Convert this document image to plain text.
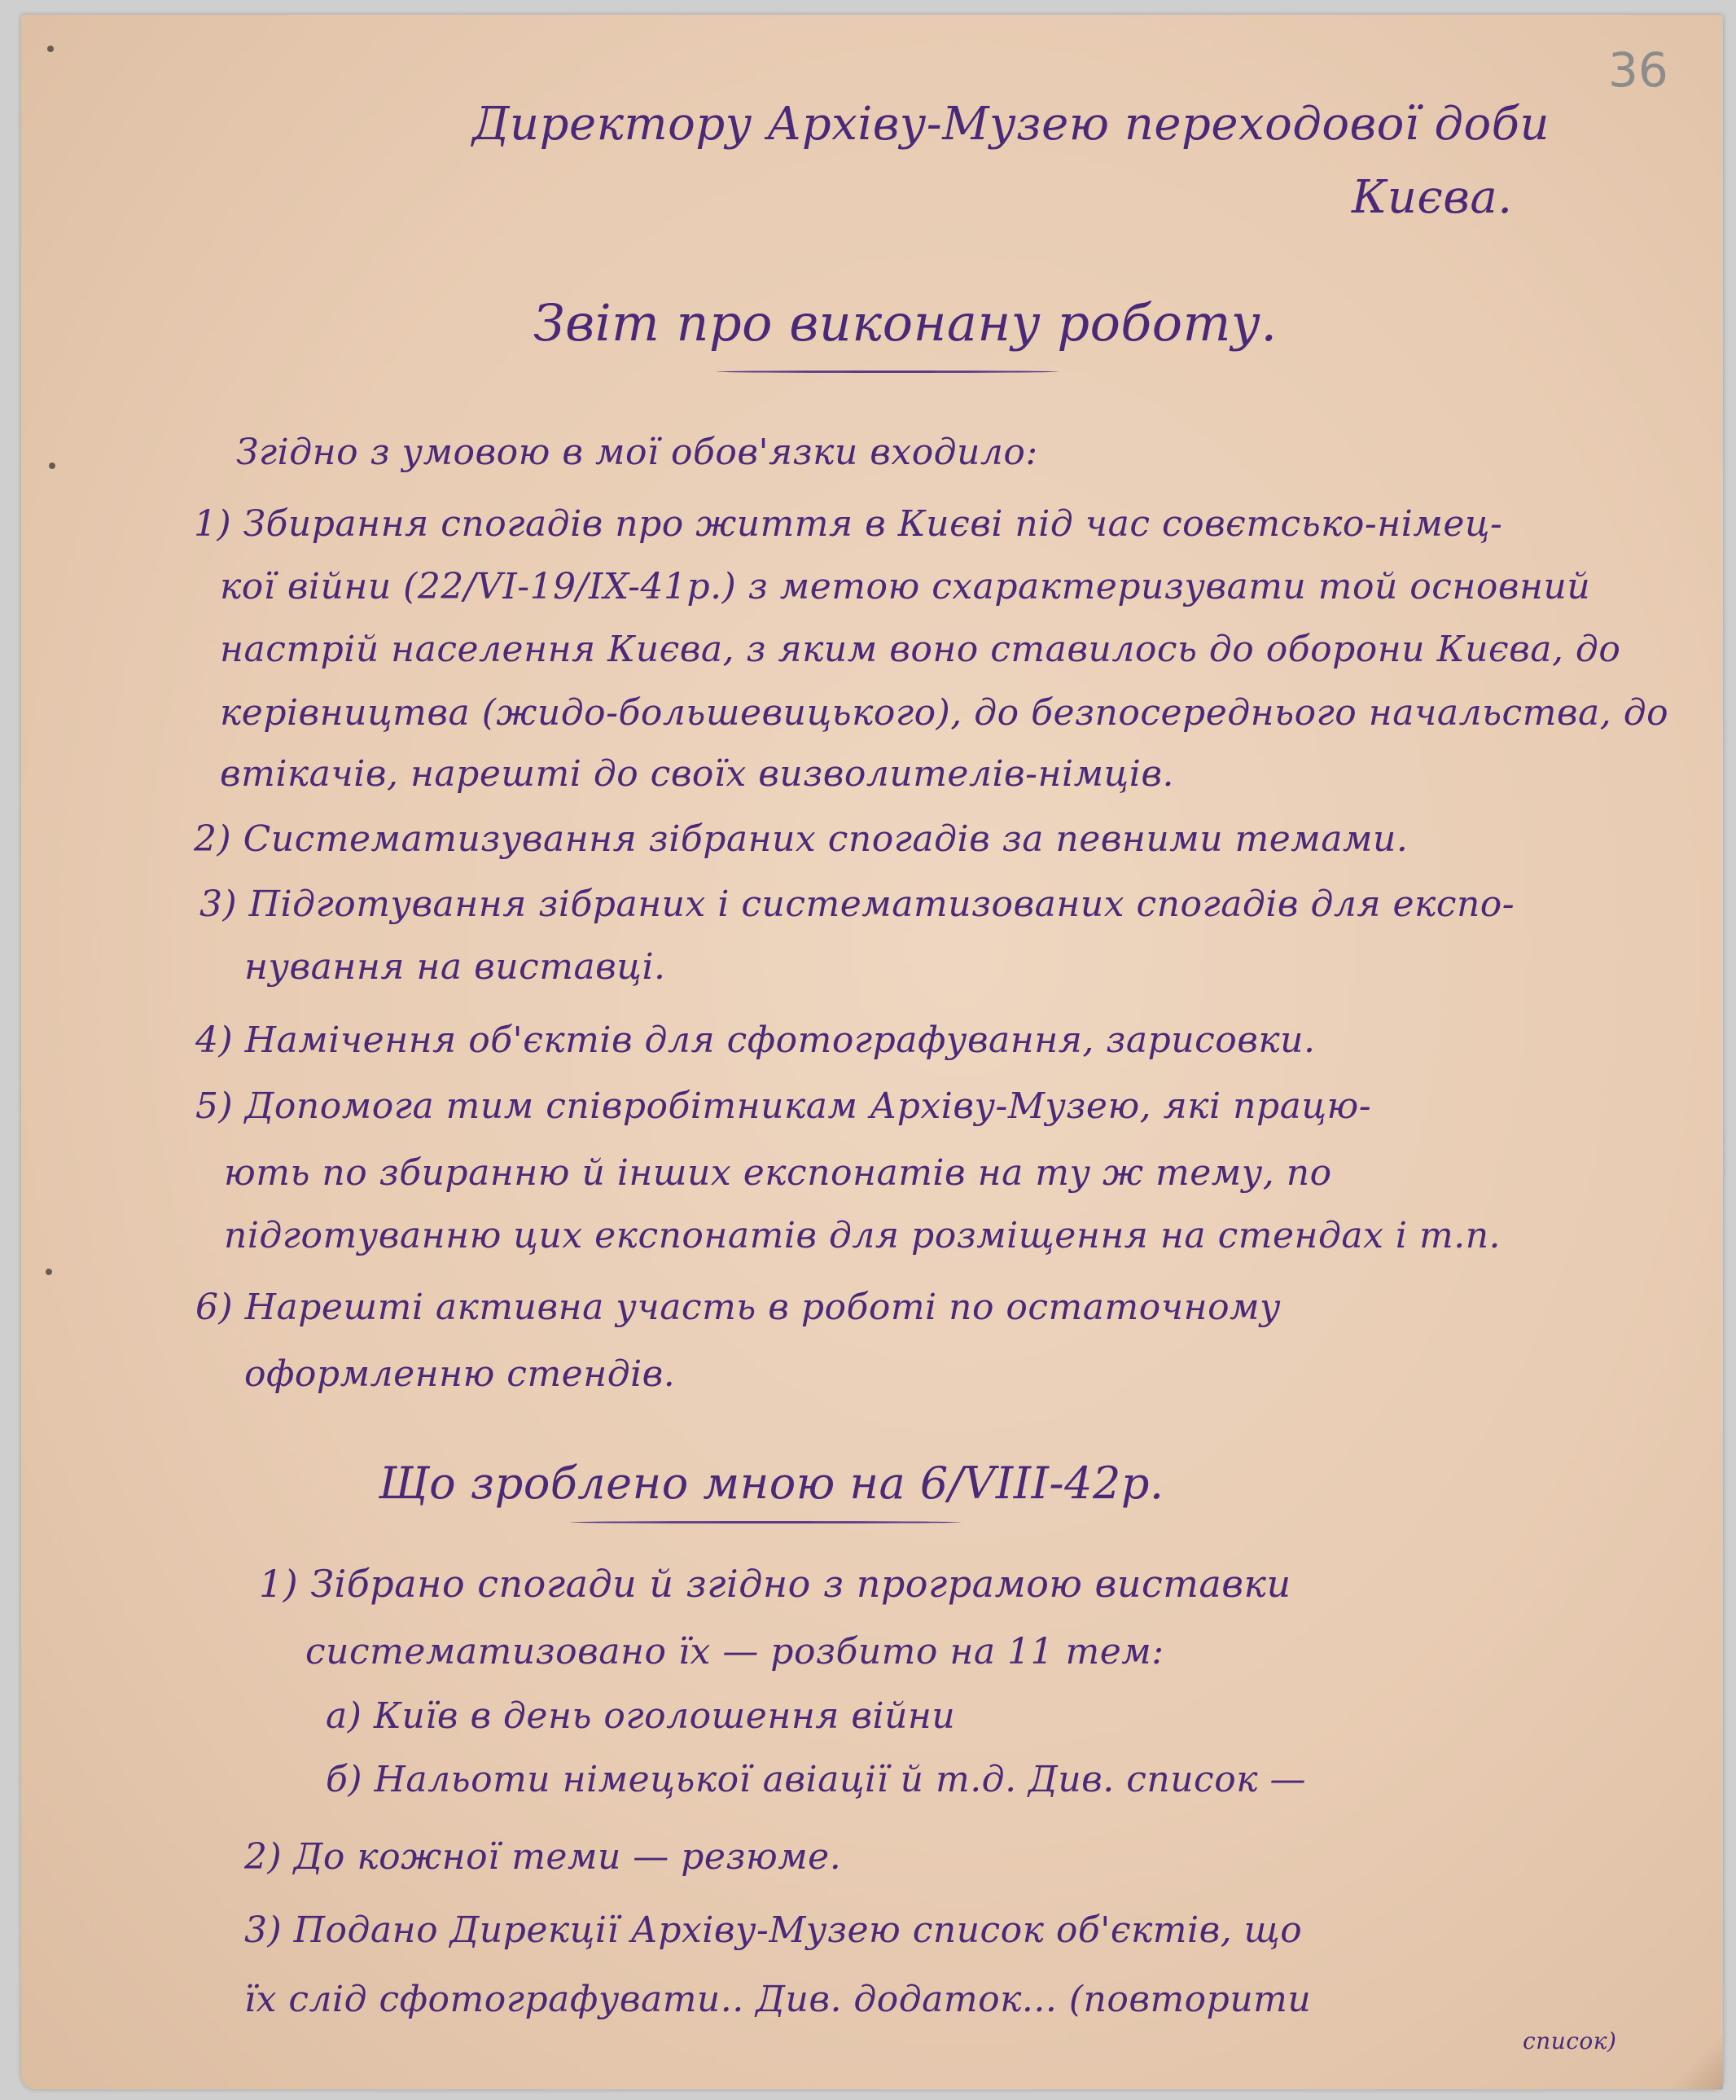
36
Директору Архіву-Музею переходової доби
Києва.
Звіт про виконану роботу.
Згідно з умовою в мої обов'язки входило:
1) Збирання спогадів про життя в Києві під час совєтсько-німец-
кої війни (22/VI-19/IX-41р.) з метою схарактеризувати той основний
настрій населення Києва, з яким воно ставилось до оборони Києва, до
керівництва (жидо-большевицького), до безпосереднього начальства, до
втікачів, нарешті до своїх визволителів-німців.
2) Систематизування зібраних спогадів за певними темами.
3) Підготування зібраних і систематизованих спогадів для експо-
нування на виставці.
4) Намічення об'єктів для сфотографування, зарисовки.
5) Допомога тим співробітникам Архіву-Музею, які працю-
ють по збиранню й інших експонатів на ту ж тему, по
підготуванню цих експонатів для розміщення на стендах і т.п.
6) Нарешті активна участь в роботі по остаточному
оформленню стендів.
Що зроблено мною на 6/VIII-42р.
1) Зібрано спогади й згідно з програмою виставки
систематизовано їх — розбито на 11 тем:
а) Київ в день оголошення війни
б) Нальоти німецької авіації й т.д. Див. список —
2) До кожної теми — резюме.
3) Подано Дирекції Архіву-Музею список об'єктів, що
їх слід сфотографувати.. Див. додаток... (повторити
список)
